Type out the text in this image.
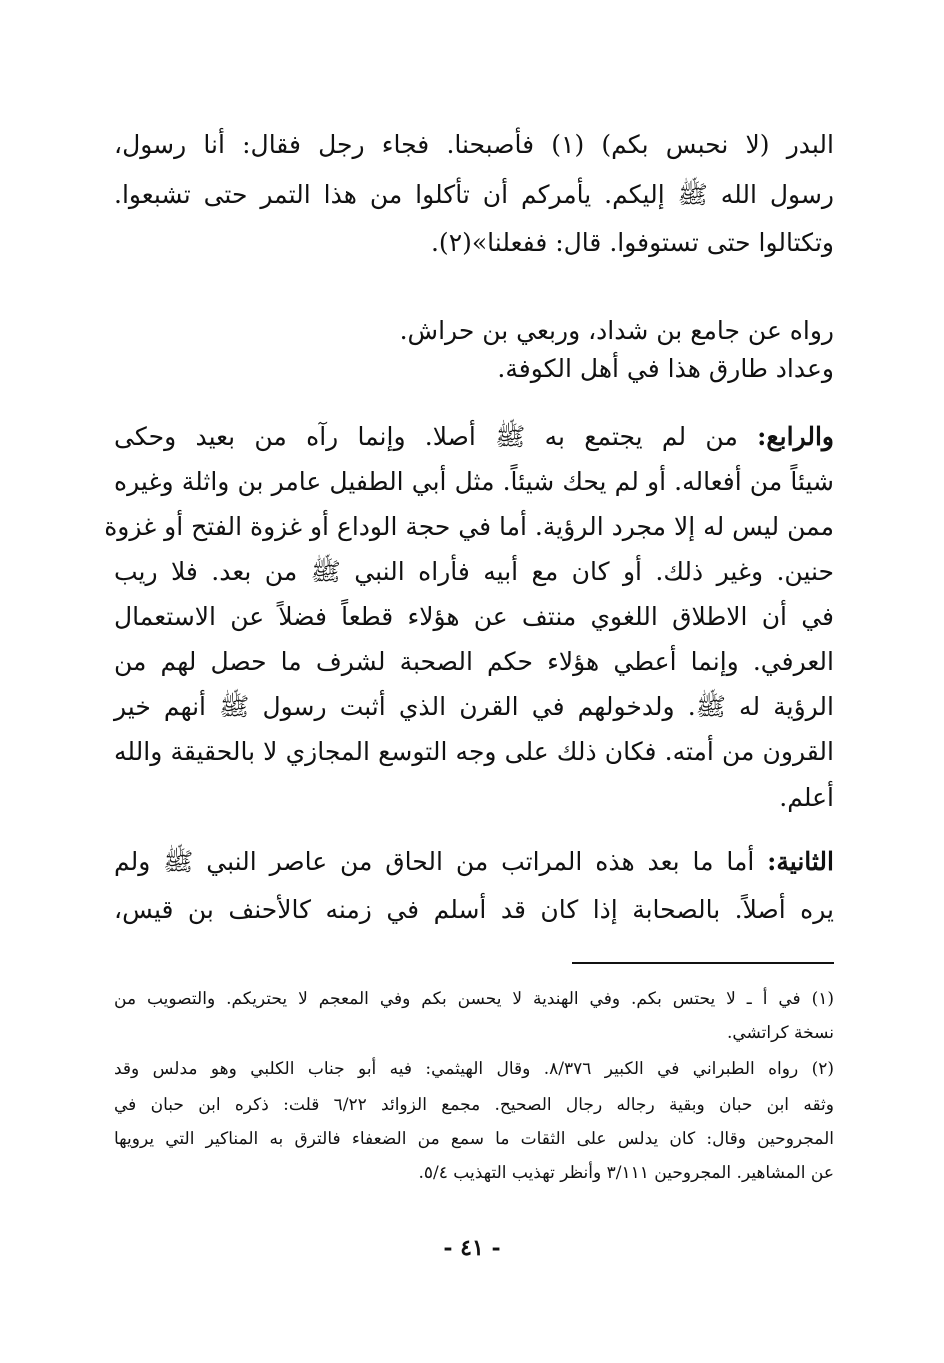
البدر (لا نحبس بكم) (١) فأصبحنا. فجاء رجل فقال: أنا رسول،
رسول الله ﷺ إليكم. يأمركم أن تأكلوا من هذا التمر حتى تشبعوا.
وتكتالوا حتى تستوفوا. قال: ففعلنا»(٢).
رواه عن جامع بن شداد، وربعي بن حراش.
وعداد طارق هذا في أهل الكوفة.
والرابع: من لم يجتمع به ﷺ أصلا. وإنما رآه من بعيد وحكى
شيئاً من أفعاله. أو لم يحك شيئاً. مثل أبي الطفيل عامر بن واثلة وغيره
ممن ليس له إلا مجرد الرؤية. أما في حجة الوداع أو غزوة الفتح أو غزوة
حنين. وغير ذلك. أو كان مع أبيه فأراه النبي ﷺ من بعد. فلا ريب
في أن الاطلاق اللغوي منتف عن هؤلاء قطعاً فضلاً عن الاستعمال
العرفي. وإنما أعطي هؤلاء حكم الصحبة لشرف ما حصل لهم من
الرؤية له ﷺ. ولدخولهم في القرن الذي أثبت رسول ﷺ أنهم خير
القرون من أمته. فكان ذلك على وجه التوسع المجازي لا بالحقيقة والله
أعلم.
الثانية: أما ما بعد هذه المراتب من الحاق من عاصر النبي ﷺ ولم
يره أصلاً. بالصحابة إذا كان قد أسلم في زمنه كالأحنف بن قيس،
(١) في أ ـ لا يحتس بكم. وفي الهندية لا يحسن بكم وفي المعجم لا يحتريكم. والتصويب من
نسخة كراتشي.
(٢) رواه الطبراني في الكبير ٨/٣٧٦. وقال الهيثمي: فيه أبو جناب الكلبي وهو مدلس وقد
وثقه ابن حبان وبقية رجاله رجال الصحيح. مجمع الزوائد ٦/٢٢ قلت: ذكره ابن حبان في
المجروحين وقال: كان يدلس على الثقات ما سمع من الضعفاء فالترق به المناكير التي يرويها
عن المشاهير. المجروحين ٣/١١١ وأنظر تهذيب التهذيب ٥/٤.
- ٤١ -
